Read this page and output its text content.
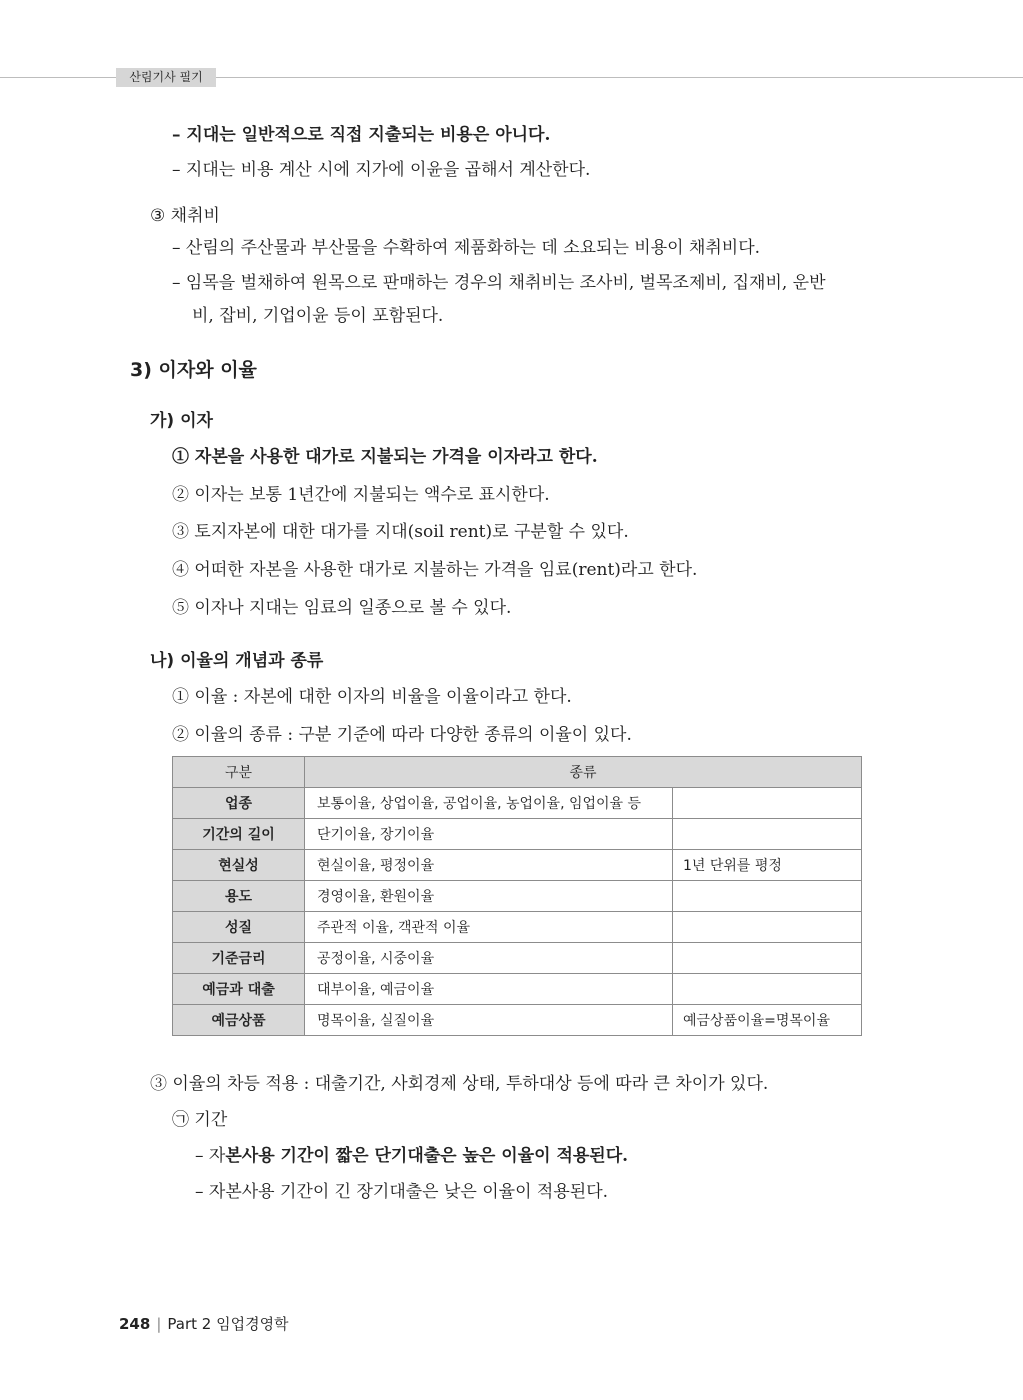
산림기사 필기
– 지대는 일반적으로 직접 지출되는 비용은 아니다.
– 지대는 비용 계산 시에 지가에 이윤을 곱해서 계산한다.
③ 채취비
– 산림의 주산물과 부산물을 수확하여 제품화하는 데 소요되는 비용이 채취비다.
– 임목을 벌채하여 원목으로 판매하는 경우의 채취비는 조사비, 벌목조제비, 집재비, 운반
비, 잡비, 기업이윤 등이 포함된다.
3) 이자와 이율
가) 이자
① 자본을 사용한 대가로 지불되는 가격을 이자라고 한다.
② 이자는 보통 1년간에 지불되는 액수로 표시한다.
③ 토지자본에 대한 대가를 지대(soil rent)로 구분할 수 있다.
④ 어떠한 자본을 사용한 대가로 지불하는 가격을 임료(rent)라고 한다.
⑤ 이자나 지대는 임료의 일종으로 볼 수 있다.
나) 이율의 개념과 종류
① 이율 : 자본에 대한 이자의 비율을 이율이라고 한다.
② 이율의 종류 : 구분 기준에 따라 다양한 종류의 이율이 있다.
구분	종류	
업종	보통이율, 상업이율, 공업이율, 농업이율, 임업이율 등	
기간의 길이	단기이율, 장기이율	
현실성	현실이율, 평정이율	1년 단위를 평정
용도	경영이율, 환원이율	
성질	주관적 이율, 객관적 이율	
기준금리	공정이율, 시중이율	
예금과 대출	대부이율, 예금이율	
예금상품	명목이율, 실질이율	예금상품이율=명목이율
③ 이율의 차등 적용 : 대출기간, 사회경제 상태, 투하대상 등에 따라 큰 차이가 있다.
㉠ 기간
– 자본사용 기간이 짧은 단기대출은 높은 이율이 적용된다.
– 자본사용 기간이 긴 장기대출은 낮은 이율이 적용된다.
248 | Part 2 임업경영학
